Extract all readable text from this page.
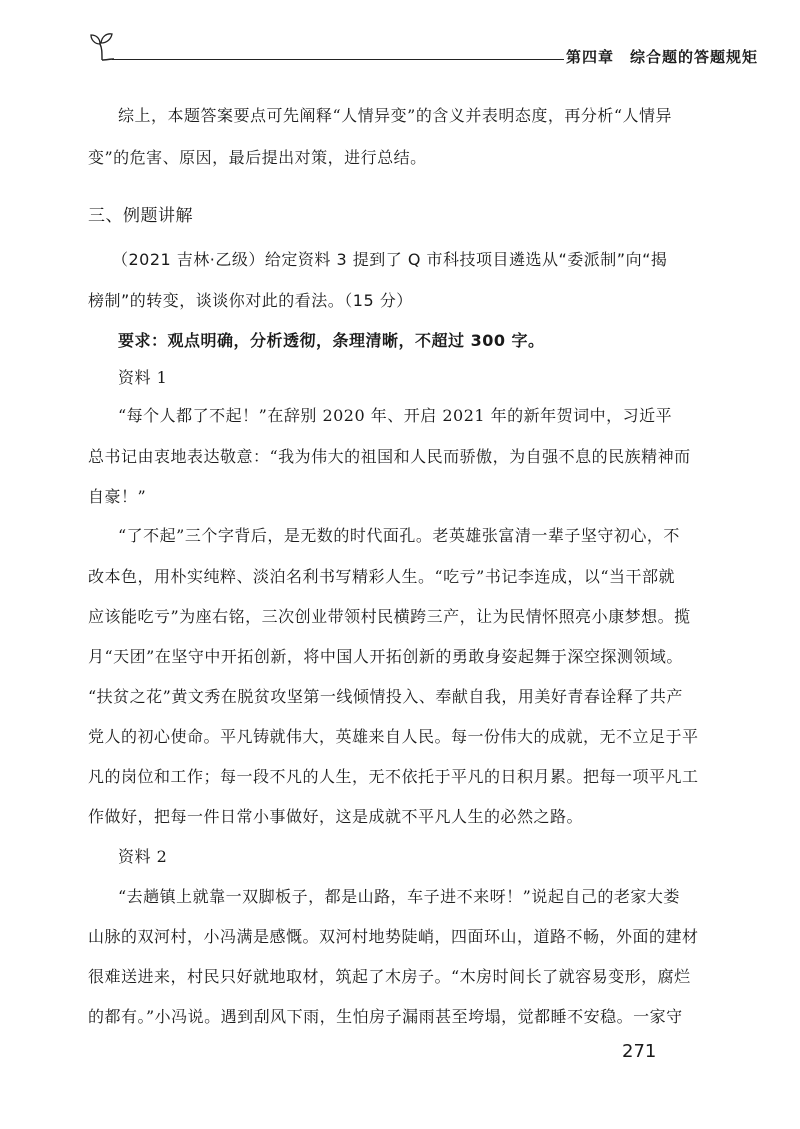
第四章 综合题的答题规矩
综上，本题答案要点可先阐释“人情异变”的含义并表明态度，再分析“人情异
变”的危害、原因，最后提出对策，进行总结。
三、例题讲解
（2021 吉林·乙级）给定资料 3 提到了 Q 市科技项目遴选从“委派制”向“揭
榜制”的转变，谈谈你对此的看法。（15 分）
要求：观点明确，分析透彻，条理清晰，不超过 300 字。
资料 1
“每个人都了不起！”在辞别 2020 年、开启 2021 年的新年贺词中，习近平
总书记由衷地表达敬意：“我为伟大的祖国和人民而骄傲，为自强不息的民族精神而
自豪！”
“了不起”三个字背后，是无数的时代面孔。老英雄张富清一辈子坚守初心，不
改本色，用朴实纯粹、淡泊名利书写精彩人生。“吃亏”书记李连成，以“当干部就
应该能吃亏”为座右铭，三次创业带领村民横跨三产，让为民情怀照亮小康梦想。揽
月“天团”在坚守中开拓创新，将中国人开拓创新的勇敢身姿起舞于深空探测领域。
“扶贫之花”黄文秀在脱贫攻坚第一线倾情投入、奉献自我，用美好青春诠释了共产
党人的初心使命。平凡铸就伟大，英雄来自人民。每一份伟大的成就，无不立足于平
凡的岗位和工作；每一段不凡的人生，无不依托于平凡的日积月累。把每一项平凡工
作做好，把每一件日常小事做好，这是成就不平凡人生的必然之路。
资料 2
“去趟镇上就靠一双脚板子，都是山路，车子进不来呀！”说起自己的老家大娄
山脉的双河村，小冯满是感慨。双河村地势陡峭，四面环山，道路不畅，外面的建材
很难送进来，村民只好就地取材，筑起了木房子。“木房时间长了就容易变形，腐烂
的都有。”小冯说。遇到刮风下雨，生怕房子漏雨甚至垮塌，觉都睡不安稳。一家守
271
